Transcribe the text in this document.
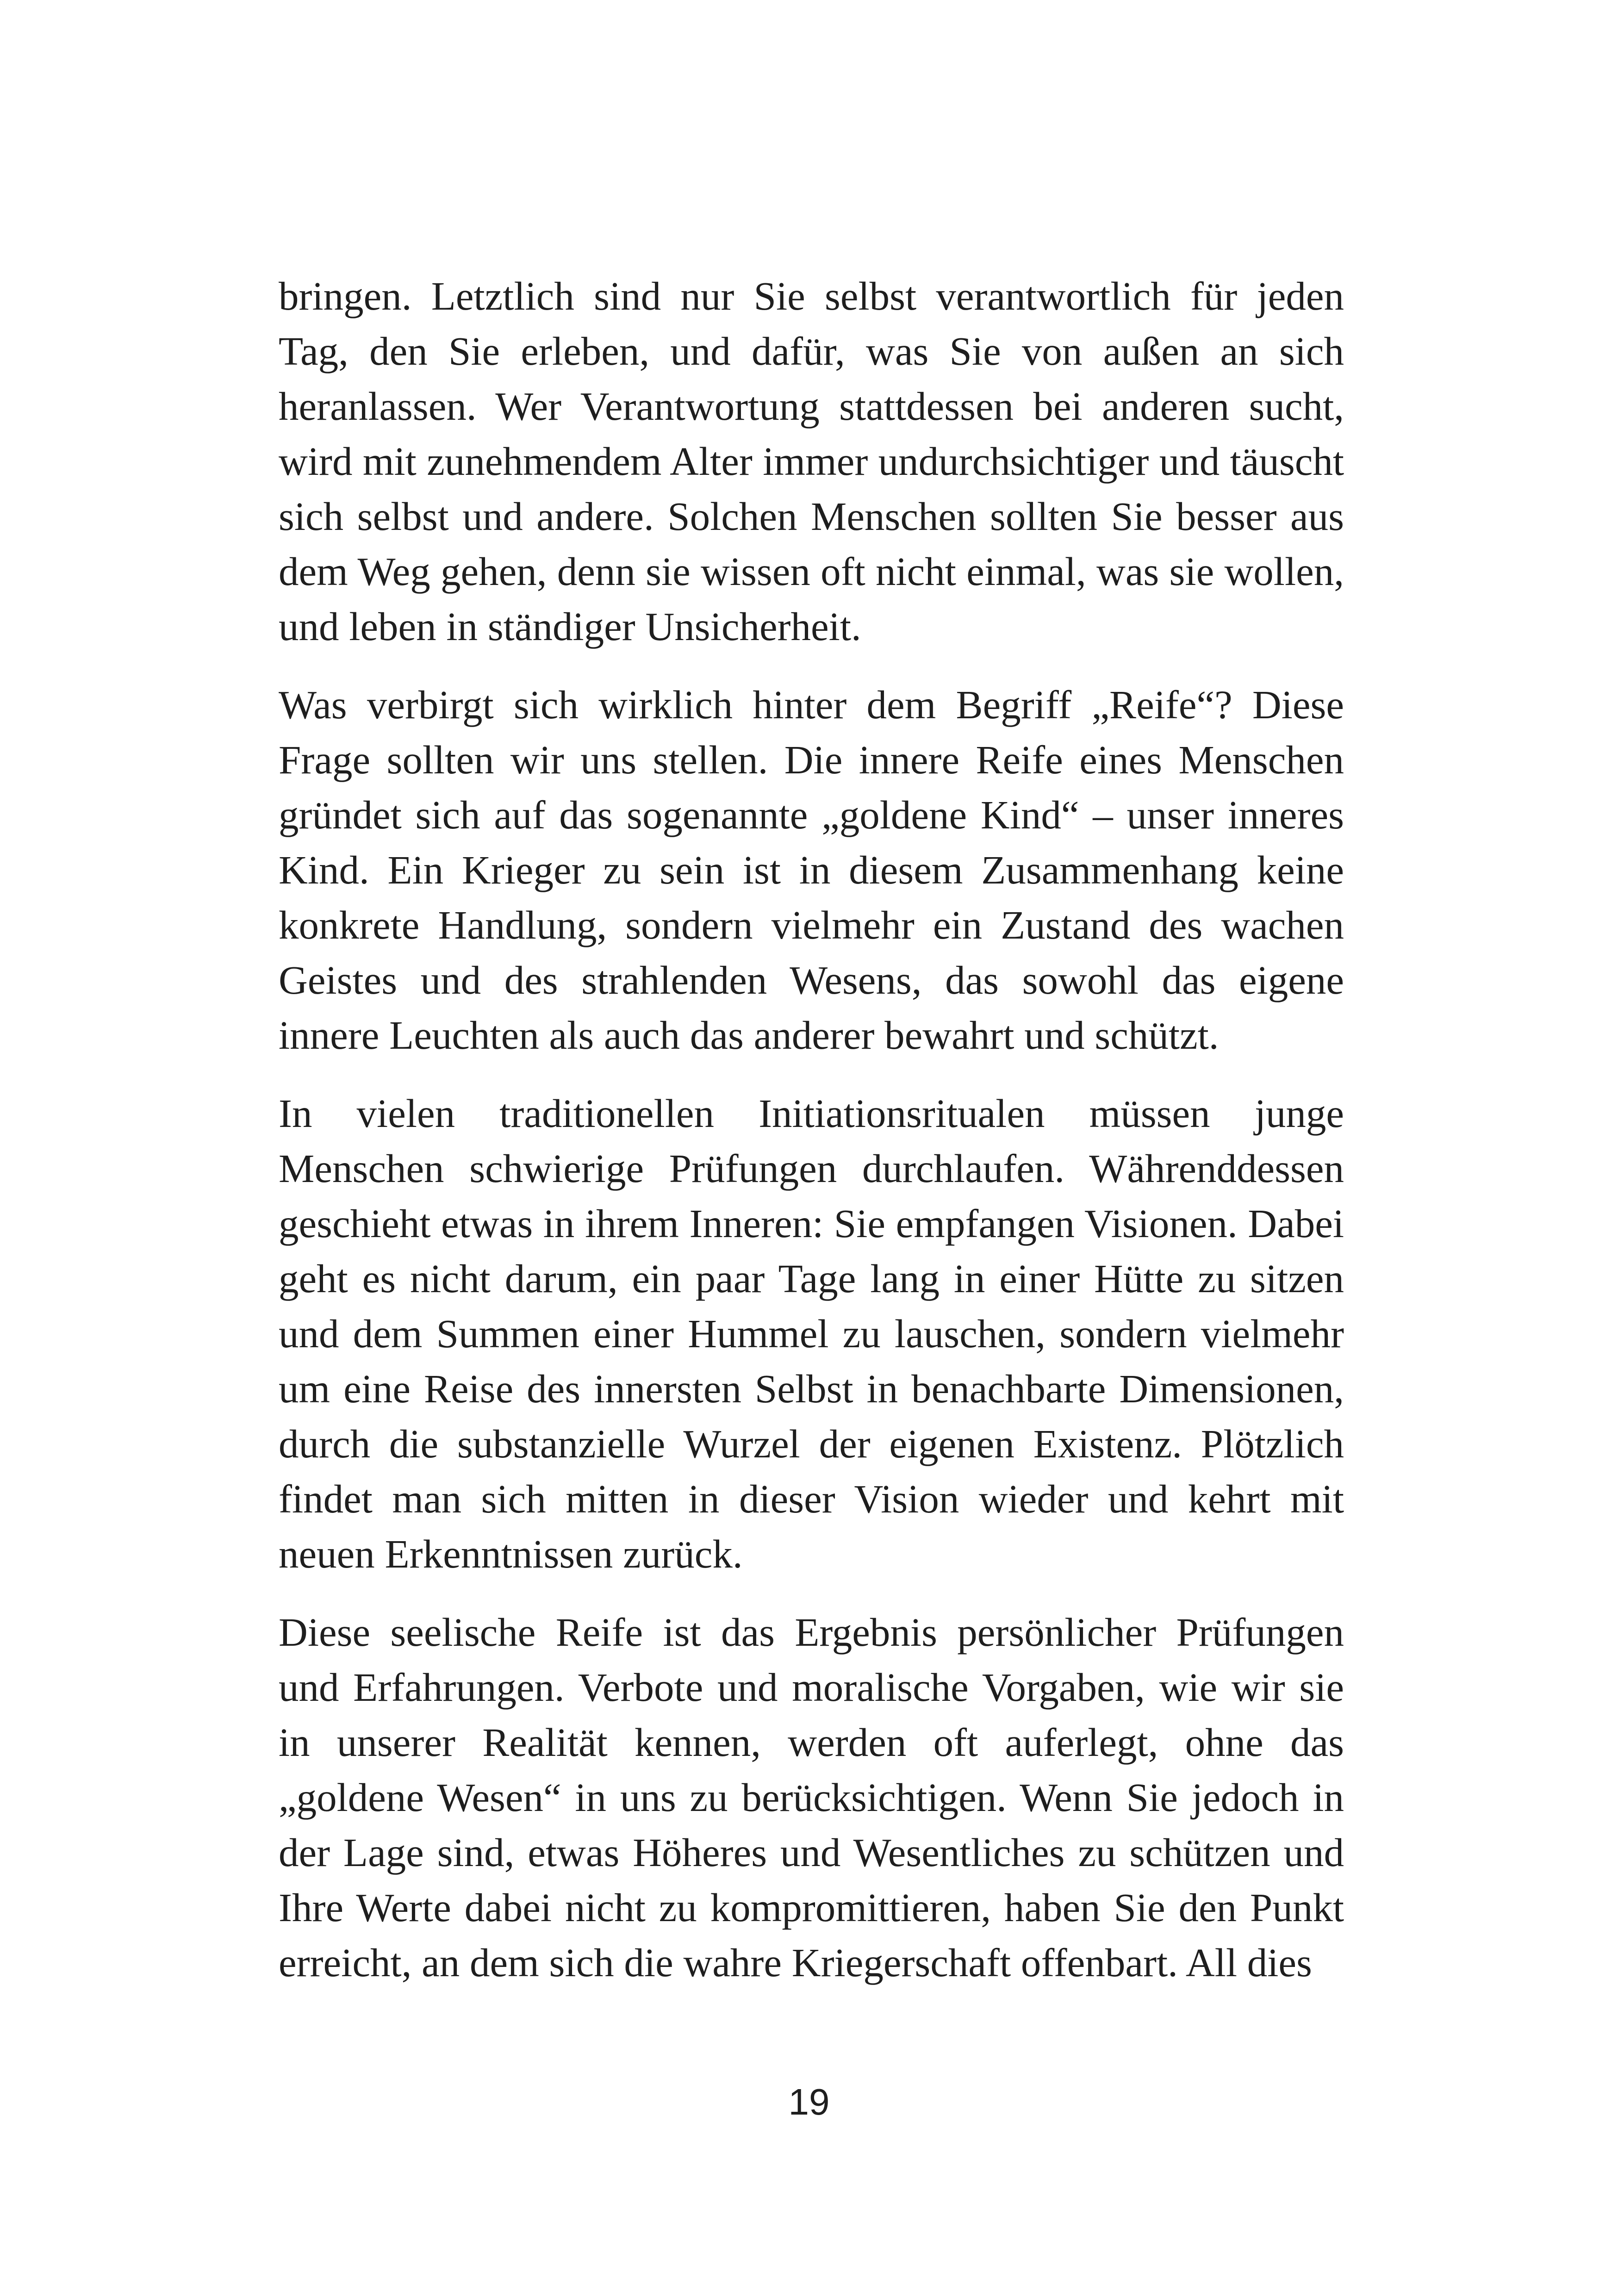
bringen. Letztlich sind nur Sie selbst verantwortlich für jeden Tag, den Sie erleben, und dafür, was Sie von außen an sich heranlassen. Wer Verantwortung stattdessen bei anderen sucht, wird mit zunehmendem Alter immer undurchsichtiger und täuscht sich selbst und andere. Solchen Menschen sollten Sie besser aus dem Weg gehen, denn sie wissen oft nicht einmal, was sie wollen, und leben in ständiger Unsicherheit.

Was verbirgt sich wirklich hinter dem Begriff „Reife“? Diese Frage sollten wir uns stellen. Die innere Reife eines Menschen gründet sich auf das sogenannte „goldene Kind“ – unser inneres Kind. Ein Krieger zu sein ist in diesem Zusammenhang keine konkrete Handlung, sondern vielmehr ein Zustand des wachen Geistes und des strahlenden Wesens, das sowohl das eigene innere Leuchten als auch das anderer bewahrt und schützt.

In vielen traditionellen Initiationsritualen müssen junge Menschen schwierige Prüfungen durchlaufen. Währenddessen geschieht etwas in ihrem Inneren: Sie empfangen Visionen. Dabei geht es nicht darum, ein paar Tage lang in einer Hütte zu sitzen und dem Summen einer Hummel zu lauschen, sondern vielmehr um eine Reise des innersten Selbst in benachbarte Dimensionen, durch die substanzielle Wurzel der eigenen Existenz. Plötzlich findet man sich mitten in dieser Vision wieder und kehrt mit neuen Erkenntnissen zurück.

Diese seelische Reife ist das Ergebnis persönlicher Prüfungen und Erfahrungen. Verbote und moralische Vorgaben, wie wir sie in unserer Realität kennen, werden oft auferlegt, ohne das „goldene Wesen“ in uns zu berücksichtigen. Wenn Sie jedoch in der Lage sind, etwas Höheres und Wesentliches zu schützen und Ihre Werte dabei nicht zu kompromittieren, haben Sie den Punkt erreicht, an dem sich die wahre Kriegerschaft offenbart. All dies

19
